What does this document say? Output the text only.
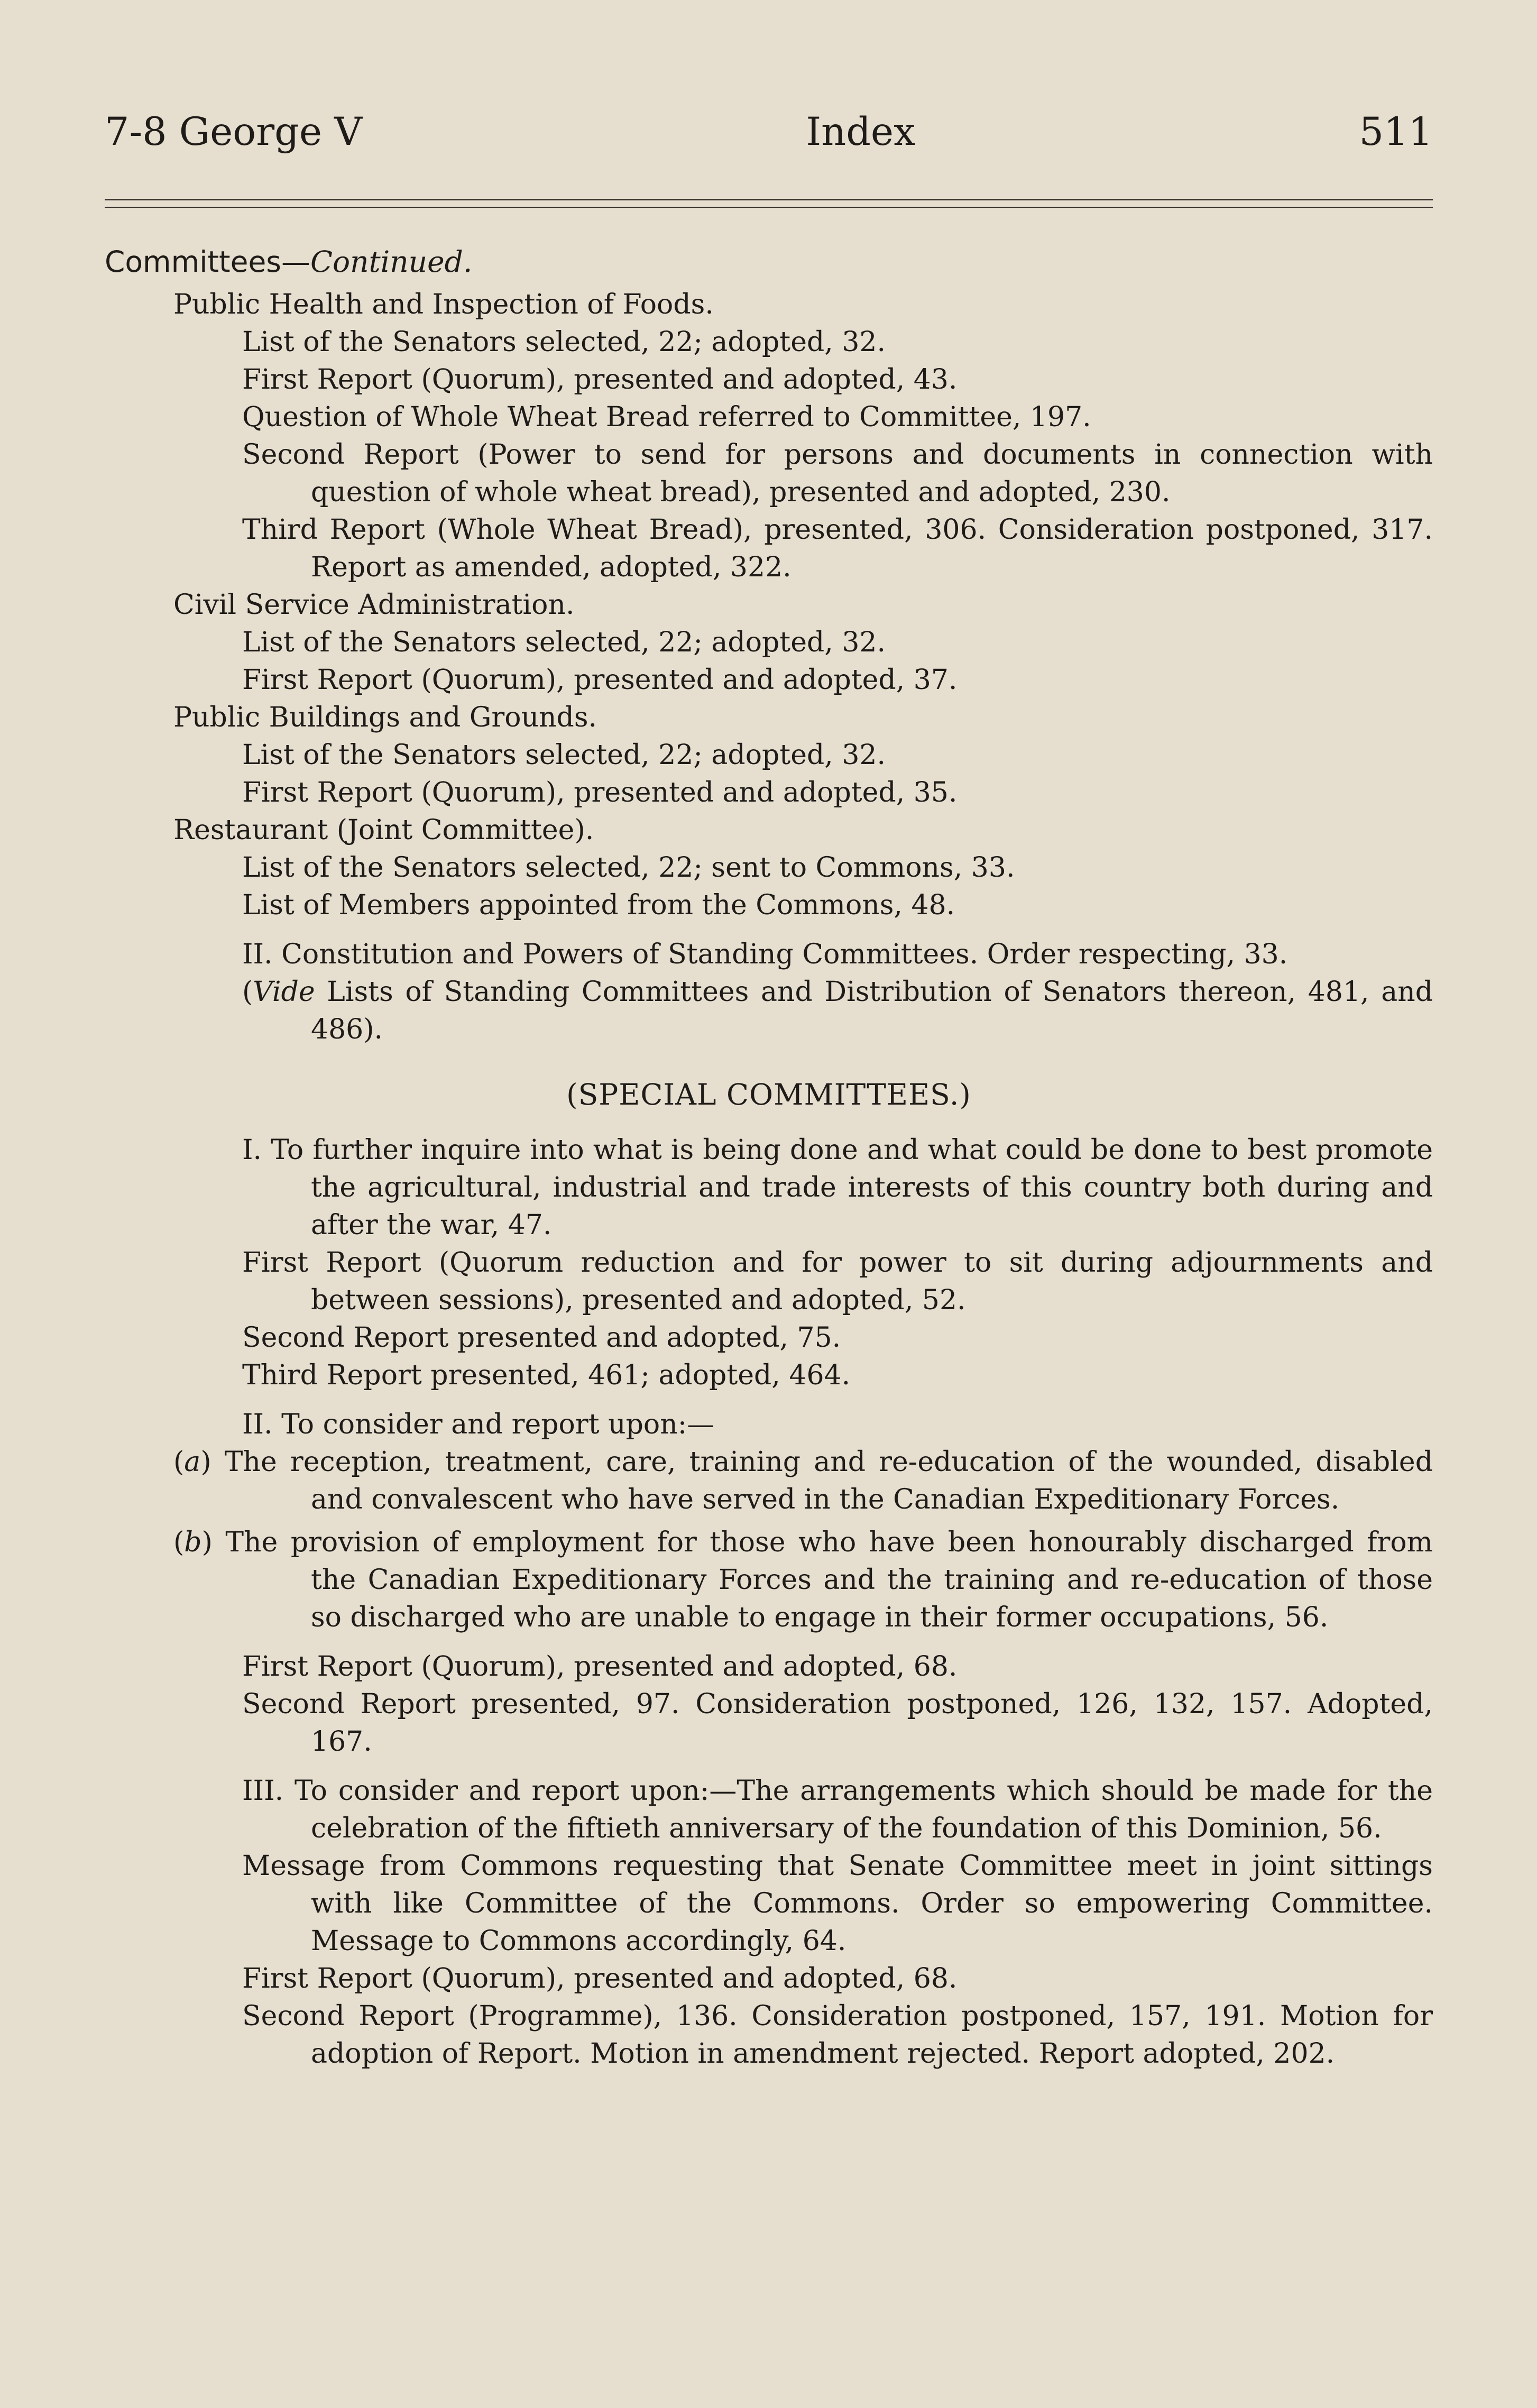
7-8 George V	Index	511

Committees—Continued.

Public Health and Inspection of Foods.

List of the Senators selected, 22; adopted, 32.

First Report (Quorum), presented and adopted, 43.

Question of Whole Wheat Bread referred to Committee, 197.

Second Report (Power to send for persons and documents in connection with question of whole wheat bread), presented and adopted, 230.

Third Report (Whole Wheat Bread), presented, 306. Consideration postponed, 317. Report as amended, adopted, 322.

Civil Service Administration.

List of the Senators selected, 22; adopted, 32.

First Report (Quorum), presented and adopted, 37.

Public Buildings and Grounds.

List of the Senators selected, 22; adopted, 32.

First Report (Quorum), presented and adopted, 35.

Restaurant (Joint Committee).

List of the Senators selected, 22; sent to Commons, 33.

List of Members appointed from the Commons, 48.

II. Constitution and Powers of Standing Committees. Order respecting, 33.

(Vide Lists of Standing Committees and Distribution of Senators thereon, 481, and 486).

(SPECIAL COMMITTEES.)

I. To further inquire into what is being done and what could be done to best promote the agricultural, industrial and trade interests of this country both during and after the war, 47.

First Report (Quorum reduction and for power to sit during adjournments and between sessions), presented and adopted, 52.

Second Report presented and adopted, 75.

Third Report presented, 461; adopted, 464.

II. To consider and report upon:—

(a) The reception, treatment, care, training and re-education of the wounded, disabled and convalescent who have served in the Canadian Expeditionary Forces.

(b) The provision of employment for those who have been honourably discharged from the Canadian Expeditionary Forces and the training and re-education of those so discharged who are unable to engage in their former occupations, 56.

First Report (Quorum), presented and adopted, 68.

Second Report presented, 97. Consideration postponed, 126, 132, 157. Adopted, 167.

III. To consider and report upon:—The arrangements which should be made for the celebration of the fiftieth anniversary of the foundation of this Dominion, 56.

Message from Commons requesting that Senate Committee meet in joint sittings with like Committee of the Commons. Order so empowering Committee. Message to Commons accordingly, 64.

First Report (Quorum), presented and adopted, 68.

Second Report (Programme), 136. Consideration postponed, 157, 191. Motion for adoption of Report. Motion in amendment rejected. Report adopted, 202.
